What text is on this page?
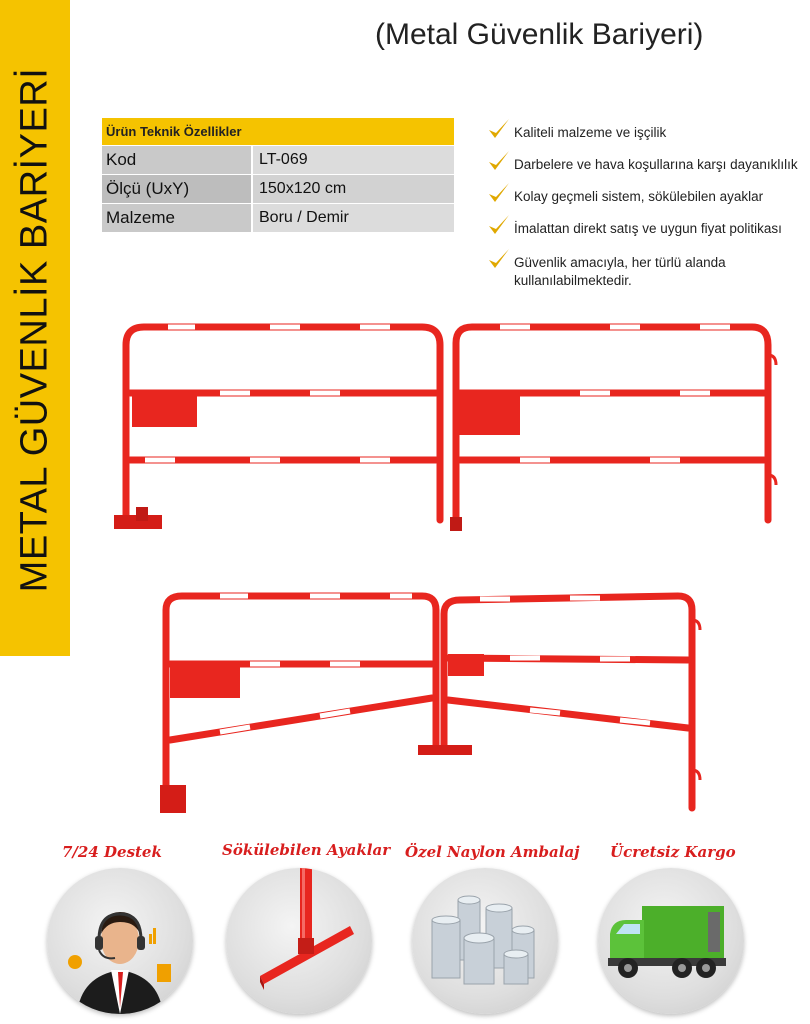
METAL GÜVENLİK BARİYERİ
(Metal Güvenlik Bariyeri)
Ürün Teknik Özellikler
Kod	LT-069
Ölçü (UxY)	150x120 cm
Malzeme	Boru / Demir
Kaliteli malzeme ve işçilik
Darbelere ve hava koşullarına karşı dayanıklılık
Kolay geçmeli sistem, sökülebilen ayaklar
İmalattan direkt satış ve uygun fiyat politikası
Güvenlik amacıyla, her türlü alanda kullanılabilmektedir.
7/24 Destek	Sökülebilen Ayaklar Özel Naylon Ambalaj Ücretsiz Kargo
